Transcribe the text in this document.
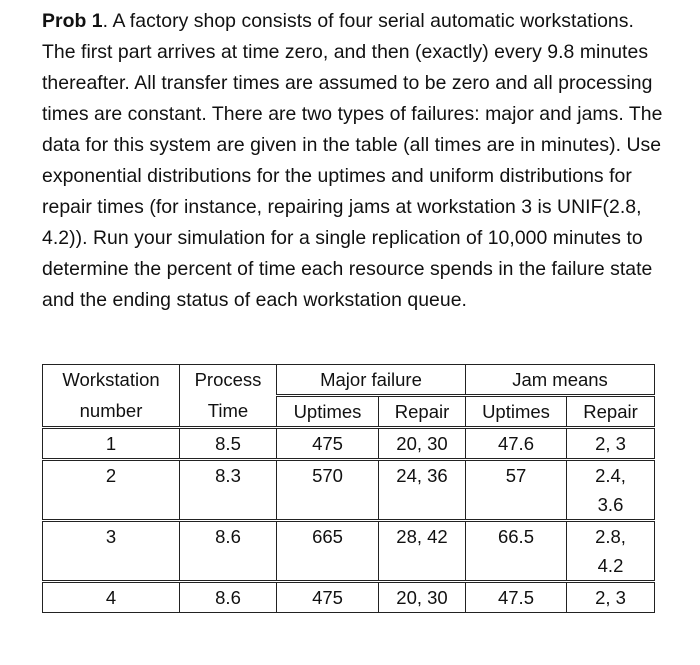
Prob 1. A factory shop consists of four serial automatic workstations. The first part arrives at time zero, and then (exactly) every 9.8 minutes thereafter. All transfer times are assumed to be zero and all processing times are constant. There are two types of failures: major and jams. The data for this system are given in the table (all times are in minutes). Use exponential distributions for the uptimes and uniform distributions for repair times (for instance, repairing jams at workstation 3 is UNIF(2.8, 4.2)). Run your simulation for a single replication of 10,000 minutes to determine the percent of time each resource spends in the failure state and the ending status of each workstation queue.
Workstation	Process	Major failure		Jam means	
number	Time	Uptimes	Repair	Uptimes	Repair
1	8.5	475	20, 30	47.6	2, 3
2	8.3	570	24, 36	57	2.4,
					3.6
3	8.6	665	28, 42	66.5	2.8,
					4.2
4	8.6	475	20, 30	47.5	2, 3
